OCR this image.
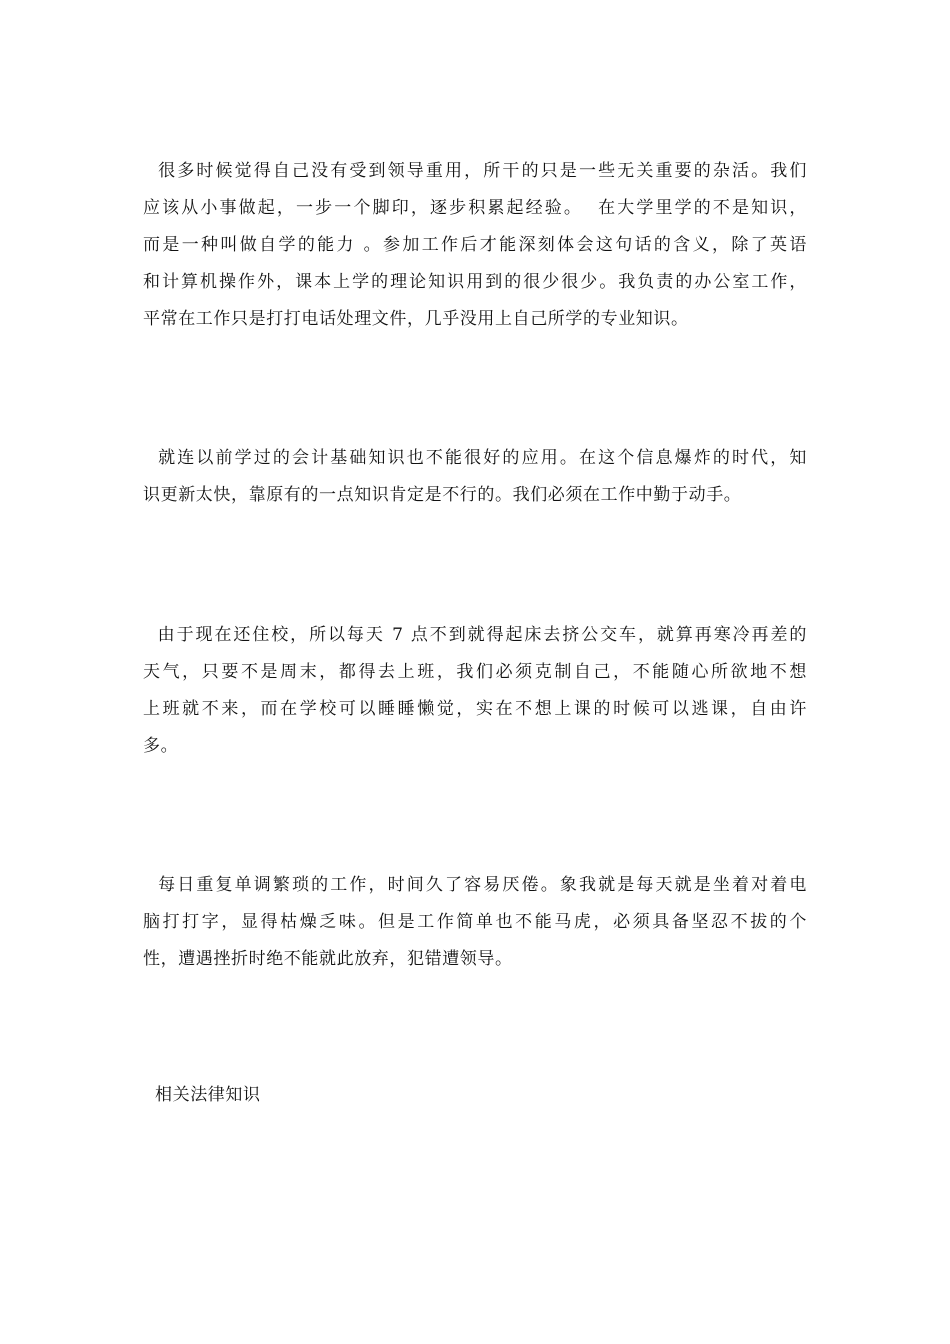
很多时候觉得自己没有受到领导重用，所干的只是一些无关重要的杂活。我们
应该从小事做起，一步一个脚印，逐步积累起经验。  在大学里学的不是知识，
而是一种叫做自学的能力 。参加工作后才能深刻体会这句话的含义，除了英语
和计算机操作外，课本上学的理论知识用到的很少很少。我负责的办公室工作，
平常在工作只是打打电话处理文件，几乎没用上自己所学的专业知识。
就连以前学过的会计基础知识也不能很好的应用。在这个信息爆炸的时代，知
识更新太快，靠原有的一点知识肯定是不行的。我们必须在工作中勤于动手。
由于现在还住校，所以每天 7 点不到就得起床去挤公交车，就算再寒冷再差的
天气，只要不是周末，都得去上班，我们必须克制自己，不能随心所欲地不想
上班就不来，而在学校可以睡睡懒觉，实在不想上课的时候可以逃课，自由许
多。
每日重复单调繁琐的工作，时间久了容易厌倦。象我就是每天就是坐着对着电
脑打打字，显得枯燥乏味。但是工作简单也不能马虎，必须具备坚忍不拔的个
性，遭遇挫折时绝不能就此放弃，犯错遭领导。
相关法律知识
